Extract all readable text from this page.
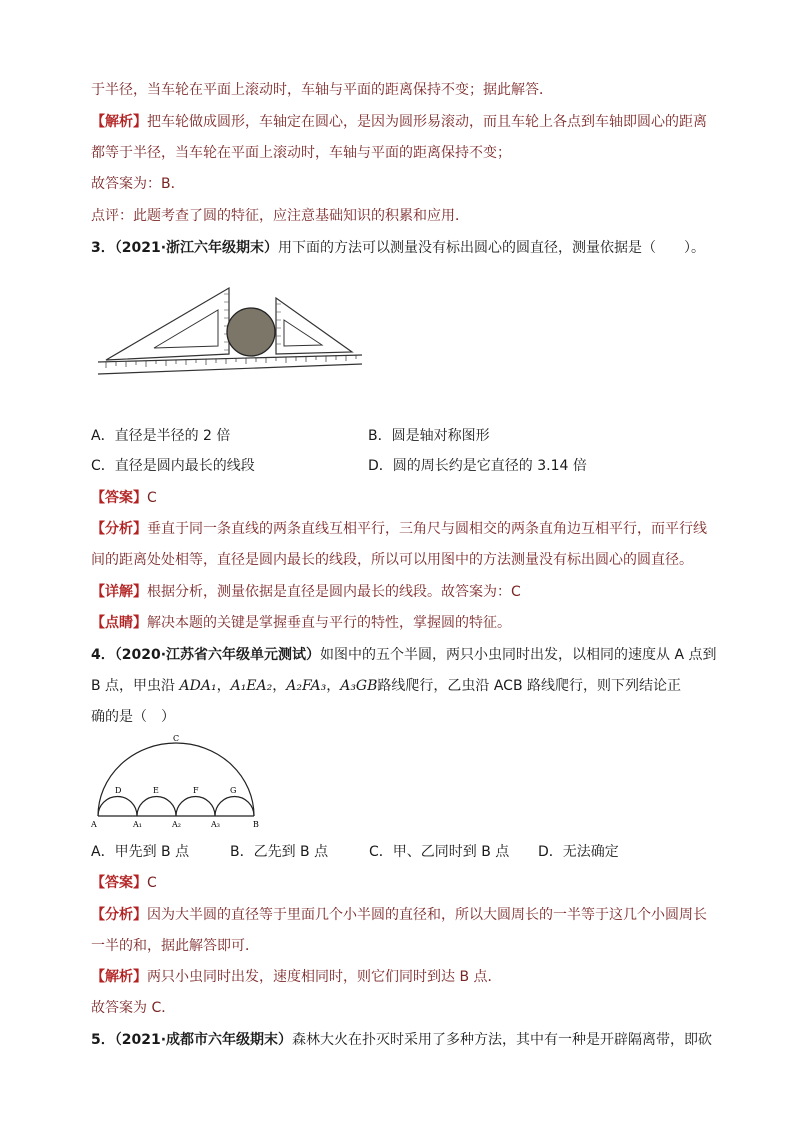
于半径，当车轮在平面上滚动时，车轴与平面的距离保持不变；据此解答．
【解析】把车轮做成圆形，车轴定在圆心，是因为圆形易滚动，而且车轮上各点到车轴即圆心的距离
都等于半径，当车轮在平面上滚动时，车轴与平面的距离保持不变；
故答案为：B．
点评：此题考查了圆的特征，应注意基础知识的积累和应用．
3．（2021·浙江六年级期末）用下面的方法可以测量没有标出圆心的圆直径，测量依据是（　　）。
A．直径是半径的 2 倍	B．圆是轴对称图形
C．直径是圆内最长的线段	D．圆的周长约是它直径的 3.14 倍
【答案】C
【分析】垂直于同一条直线的两条直线互相平行，三角尺与圆相交的两条直角边互相平行，而平行线
间的距离处处相等，直径是圆内最长的线段，所以可以用图中的方法测量没有标出圆心的圆直径。
【详解】根据分析，测量依据是直径是圆内最长的线段。故答案为：C
【点睛】解决本题的关键是掌握垂直与平行的特性，掌握圆的特征。
4．（2020·江苏省六年级单元测试）如图中的五个半圆，两只小虫同时出发，以相同的速度从 A 点到
B 点，甲虫沿 ADA₁，A₁EA₂，A₂FA₃，A₃GB路线爬行，乙虫沿 ACB 路线爬行，则下列结论正
确的是（　）
C
D	E	F	G
A	A₁	A₂	A₃	B
A．甲先到 B 点	B．乙先到 B 点	C．甲、乙同时到 B 点 D．无法确定
【答案】C
【分析】因为大半圆的直径等于里面几个小半圆的直径和，所以大圆周长的一半等于这几个小圆周长
一半的和，据此解答即可．
【解析】两只小虫同时出发，速度相同时，则它们同时到达 B 点．
故答案为 C．
5．（2021·成都市六年级期末）森林大火在扑灭时采用了多种方法，其中有一种是开辟隔离带，即砍
